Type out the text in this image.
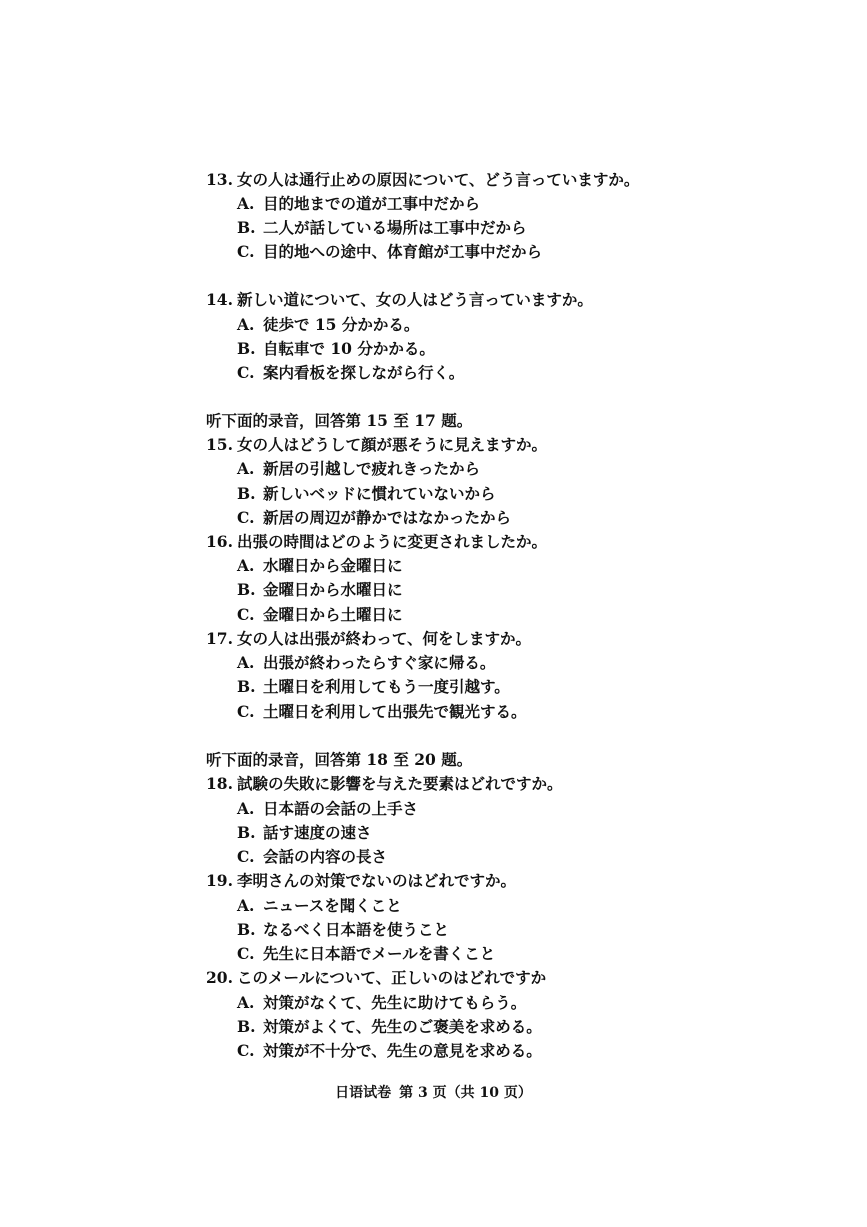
13. 女の人は通行止めの原因について、どう言っていますか。
A. 目的地までの道が工事中だから
B. 二人が話している場所は工事中だから
C. 目的地への途中、体育館が工事中だから
14. 新しい道について、女の人はどう言っていますか。
A. 徒歩で 15 分かかる。
B. 自転車で 10 分かかる。
C. 案内看板を探しながら行く。
听下面的录音，回答第 15 至 17 题。
15. 女の人はどうして顔が悪そうに見えますか。
A. 新居の引越しで疲れきったから
B. 新しいベッドに慣れていないから
C. 新居の周辺が静かではなかったから
16. 出張の時間はどのように変更されましたか。
A. 水曜日から金曜日に
B. 金曜日から水曜日に
C. 金曜日から土曜日に
17. 女の人は出張が終わって、何をしますか。
A. 出張が終わったらすぐ家に帰る。
B. 土曜日を利用してもう一度引越す。
C. 土曜日を利用して出張先で観光する。
听下面的录音，回答第 18 至 20 题。
18. 試験の失敗に影響を与えた要素はどれですか。
A. 日本語の会話の上手さ
B. 話す速度の速さ
C. 会話の内容の長さ
19. 李明さんの対策でないのはどれですか。
A. ニュースを聞くこと
B. なるべく日本語を使うこと
C. 先生に日本語でメールを書くこと
20. このメールについて、正しいのはどれですか
A. 対策がなくて、先生に助けてもらう。
B. 対策がよくて、先生のご褒美を求める。
C. 対策が不十分で、先生の意見を求める。
日语试卷 第 3 页（共 10 页）
